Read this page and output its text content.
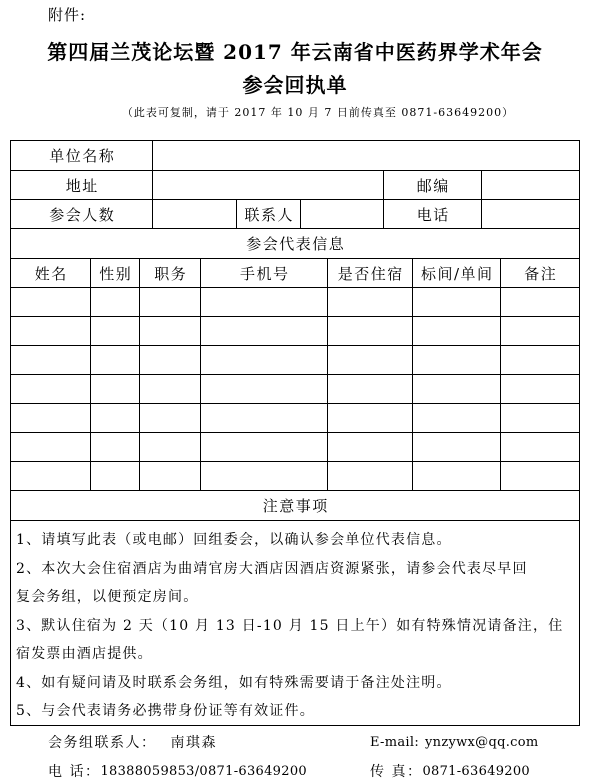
附件:
第四届兰茂论坛暨 2017 年云南省中医药界学术年会
参会回执单
（此表可复制，请于 2017 年 10 月 7 日前传真至 0871-63649200）
单位名称
地址	邮编
参会人数	联系人	电话
参会代表信息
姓名	性别	职务	手机号	是否住宿	标间/单间	备注
注意事项
1、请填写此表（或电邮）回组委会，以确认参会单位代表信息。
2、本次大会住宿酒店为曲靖官房大酒店因酒店资源紧张，请参会代表尽早回
复会务组，以便预定房间。
3、默认住宿为 2 天（10 月 13 日-10 月 15 日上午）如有特殊情况请备注，住
宿发票由酒店提供。
4、如有疑问请及时联系会务组，如有特殊需要请于备注处注明。
5、与会代表请务必携带身份证等有效证件。
会务组联系人： 南琪森	E-mail: ynzywx@qq.com
电 话： 18388059853/0871-63649200	传 真： 0871-63649200
